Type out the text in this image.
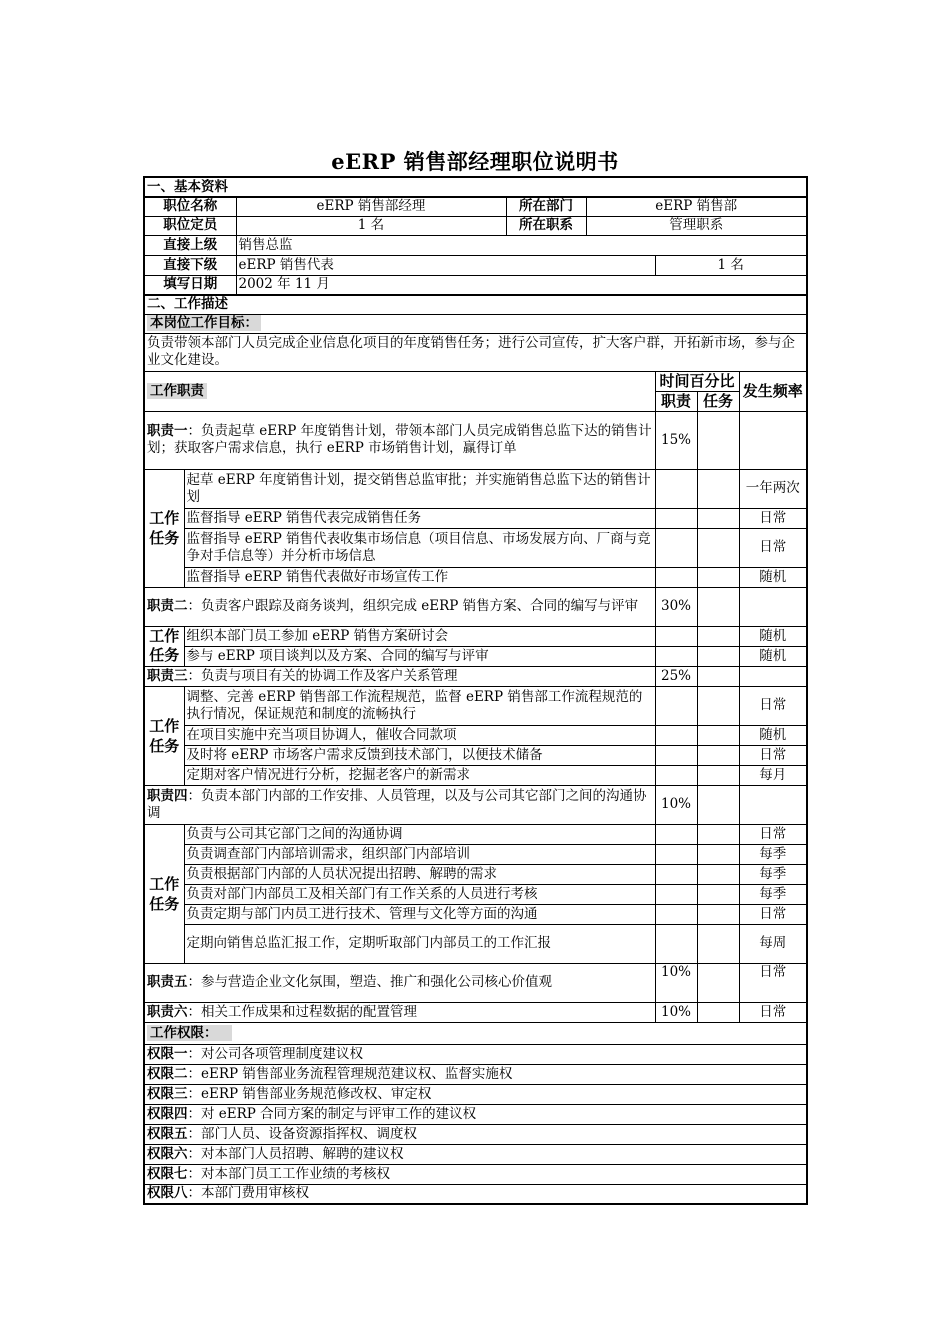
eERP 销售部经理职位说明书
一、基本资料							
职位名称		eERP 销售部经理	所在部门	eERP 销售部			
职位定员		1 名	所在职系	管理职系			
直接上级		销售总监					
直接下级		eERP 销售代表			1 名		
填写日期		2002 年 11 月					
二、工作描述							
本岗位工作目标：							
负责带领本部门人员完成企业信息化项目的年度销售任务；进行公司宣传，扩大客户群，开拓新市场，参与企业文化建设。							
工作职责					时间百分比		发生频率
					职责	任务	
职责一：负责起草 eERP 年度销售计划，带领本部门人员完成销售总监下达的销售计划；获取客户需求信息，执行 eERP 市场销售计划，赢得订单					15%		
工作
任务	起草 eERP 年度销售计划，提交销售总监审批；并实施销售总监下达的销售计划						一年两次
	监督指导 eERP 销售代表完成销售任务						日常
	监督指导 eERP 销售代表收集市场信息（项目信息、市场发展方向、厂商与竞争对手信息等）并分析市场信息						日常
	监督指导 eERP 销售代表做好市场宣传工作						随机
职责二：负责客户跟踪及商务谈判，组织完成 eERP 销售方案、合同的编写与评审					30%		
工作	组织本部门员工参加 eERP 销售方案研讨会						随机
任务	参与 eERP 项目谈判以及方案、合同的编写与评审						随机
职责三：负责与项目有关的协调工作及客户关系管理					25%		
工作
任务	调整、完善 eERP 销售部工作流程规范，监督 eERP 销售部工作流程规范的执行情况，保证规范和制度的流畅执行						日常
	在项目实施中充当项目协调人，催收合同款项						随机
	及时将 eERP 市场客户需求反馈到技术部门，以便技术储备						日常
	定期对客户情况进行分析，挖掘老客户的新需求						每月
职责四：负责本部门内部的工作安排、人员管理，以及与公司其它部门之间的沟通协调					10%		
工作
任务	负责与公司其它部门之间的沟通协调						日常
	负责调查部门内部培训需求，组织部门内部培训						每季
	负责根据部门内部的人员状况提出招聘、解聘的需求						每季
	负责对部门内部员工及相关部门有工作关系的人员进行考核						每季
	负责定期与部门内员工进行技术、管理与文化等方面的沟通						日常
	定期向销售总监汇报工作，定期听取部门内部员工的工作汇报						每周
职责五：参与营造企业文化氛围，塑造、推广和强化公司核心价值观					10%		日常
职责六：相关工作成果和过程数据的配置管理					10%		日常
工作权限：							
权限一：对公司各项管理制度建议权							
权限二：eERP 销售部业务流程管理规范建议权、监督实施权							
权限三：eERP 销售部业务规范修改权、审定权							
权限四：对 eERP 合同方案的制定与评审工作的建议权							
权限五：部门人员、设备资源指挥权、调度权							
权限六：对本部门人员招聘、解聘的建议权							
权限七：对本部门员工工作业绩的考核权							
权限八：本部门费用审核权							
